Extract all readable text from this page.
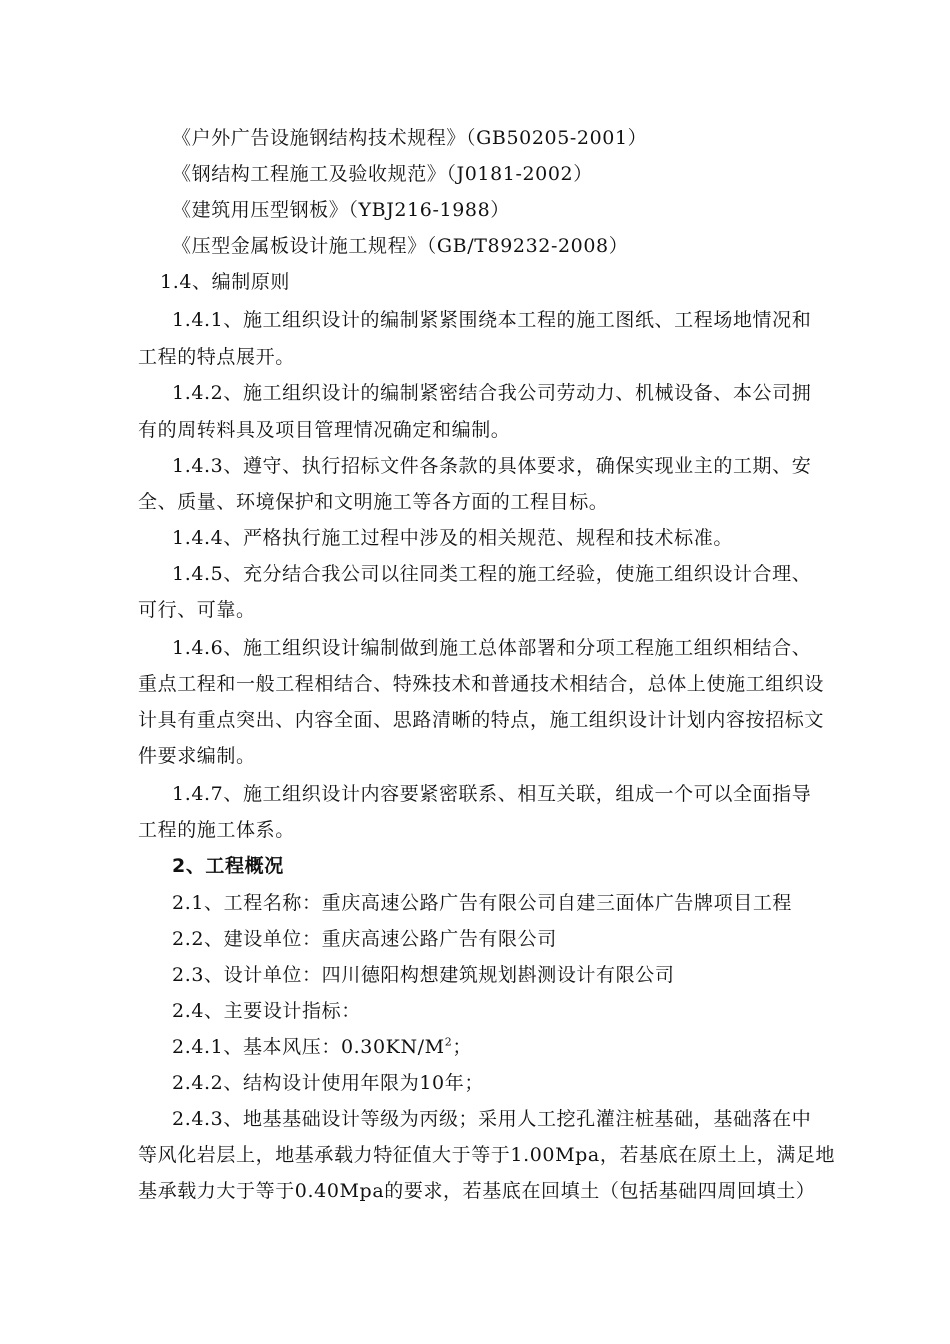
《户外广告设施钢结构技术规程》（GB50205-2001）
《钢结构工程施工及验收规范》（J0181-2002）
《建筑用压型钢板》（YBJ216-1988）
《压型金属板设计施工规程》（GB/T89232-2008）
1.4、编制原则
1.4.1、施工组织设计的编制紧紧围绕本工程的施工图纸、工程场地情况和
工程的特点展开。
1.4.2、施工组织设计的编制紧密结合我公司劳动力、机械设备、本公司拥
有的周转料具及项目管理情况确定和编制。
1.4.3、遵守、执行招标文件各条款的具体要求，确保实现业主的工期、安
全、质量、环境保护和文明施工等各方面的工程目标。
1.4.4、严格执行施工过程中涉及的相关规范、规程和技术标准。
1.4.5、充分结合我公司以往同类工程的施工经验，使施工组织设计合理、
可行、可靠。
1.4.6、施工组织设计编制做到施工总体部署和分项工程施工组织相结合、
重点工程和一般工程相结合、特殊技术和普通技术相结合，总体上使施工组织设
计具有重点突出、内容全面、思路清晰的特点，施工组织设计计划内容按招标文
件要求编制。
1.4.7、施工组织设计内容要紧密联系、相互关联，组成一个可以全面指导
工程的施工体系。
2、工程概况
2.1、工程名称：重庆高速公路广告有限公司自建三面体广告牌项目工程
2.2、建设单位：重庆高速公路广告有限公司
2.3、设计单位：四川德阳构想建筑规划斟测设计有限公司
2.4、主要设计指标：
2.4.1、基本风压：$0.30KN/M^2$；
2.4.2、结构设计使用年限为10年；
2.4.3、地基基础设计等级为丙级；采用人工挖孔灌注桩基础，基础落在中
等风化岩层上，地基承载力特征值大于等于1.00Mpa，若基底在原土上，满足地
基承载力大于等于0.40Mpa的要求，若基底在回填土（包括基础四周回填土）
